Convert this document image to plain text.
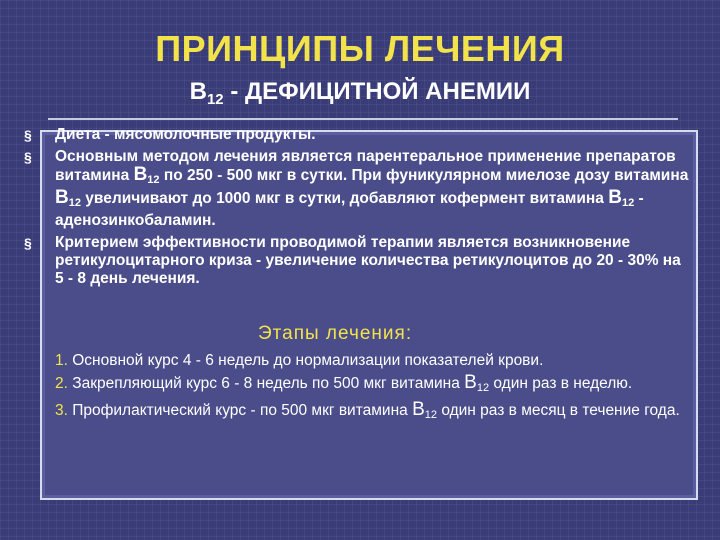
ПРИНЦИПЫ ЛЕЧЕНИЯ
$B_{12}$ - ДЕФИЦИТНОЙ АНЕМИИ
§ Диета - мясомолочные продукты.
§ Основным методом лечения является парентеральное применение препаратов витамина $B_{12}$ по 250 - 500 мкг в сутки. При фуникулярном миелозе дозу витамина $B_{12}$ увеличивают до 1000 мкг в сутки, добавляют кофермент витамина $B_{12}$ - аденозинкобаламин.
§ Критерием эффективности проводимой терапии является возникновение ретикулоцитарного криза - увеличение количества ретикулоцитов до 20 - 30% на 5 - 8 день лечения.
Этапы лечения:
1. Основной курс 4 - 6 недель до нормализации показателей крови.
2. Закрепляющий курс 6 - 8 недель по 500 мкг витамина $B_{12}$ один раз в неделю.
3. Профилактический курс - по 500 мкг витамина $B_{12}$ один раз в месяц в течение года.
